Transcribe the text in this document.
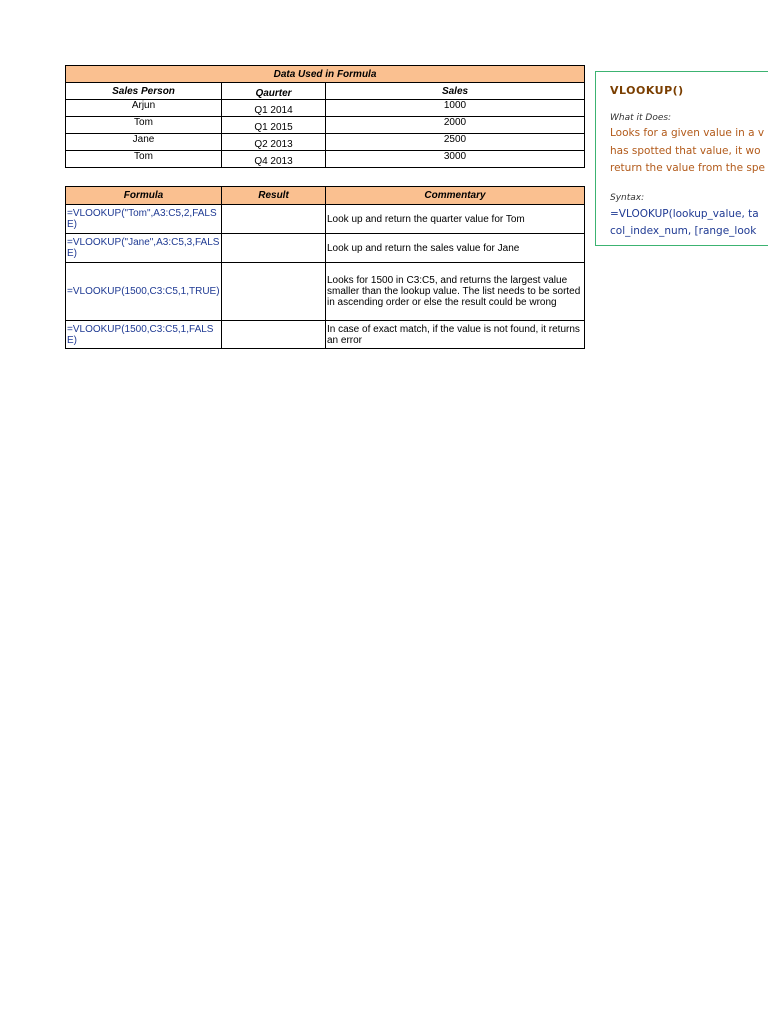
Data Used in Formula		
Sales Person	Qaurter	Sales
Arjun	Q1 2014	1000
Tom	Q1 2015	2000
Jane	Q2 2013	2500
Tom	Q4 2013	3000
Formula	Result	Commentary
=VLOOKUP("Tom",A3:C5,2,FALSE)		Look up and return the quarter value for Tom
=VLOOKUP("Jane",A3:C5,3,FALSE)		Look up and return the sales value for Jane
=VLOOKUP(1500,C3:C5,1,TRUE)		Looks for 1500 in C3:C5, and returns the largest value smaller than the lookup value. The list needs to be sorted in ascending order or else the result could be wrong
=VLOOKUP(1500,C3:C5,1,FALSE)		In case of exact match, if the value is not found, it returns an error
VLOOKUP()
What it Does:
Looks for a given value in a v
has spotted that value, it wo
return the value from the spe
Syntax:
=VLOOKUP(lookup_value, ta
col_index_num, [range_look
